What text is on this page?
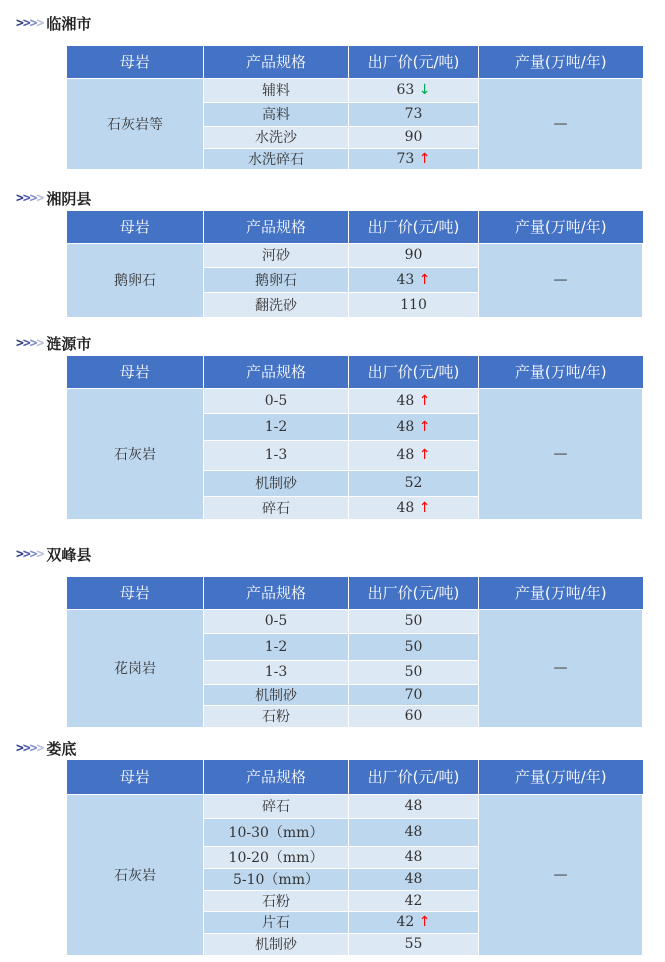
>>>> 临湘市
母岩	产品规格	出厂价(元/吨)	产量(万吨/年)
石灰岩等	辅料	63 ↓	—
	高料	73	
	水洗沙	90	
	水洗碎石	73 ↑	
>>>> 湘阴县
母岩	产品规格	出厂价(元/吨)	产量(万吨/年)
鹅卵石	河砂	90	—
	鹅卵石	43 ↑	
	翻洗砂	110	
>>>> 涟源市
母岩	产品规格	出厂价(元/吨)	产量(万吨/年)
石灰岩	0-5	48 ↑	—
	1-2	48 ↑	
	1-3	48 ↑	
	机制砂	52	
	碎石	48 ↑	
>>>> 双峰县
母岩	产品规格	出厂价(元/吨)	产量(万吨/年)
花岗岩	0-5	50	—
	1-2	50	
	1-3	50	
	机制砂	70	
	石粉	60	
>>>> 娄底
母岩	产品规格	出厂价(元/吨)	产量(万吨/年)
石灰岩	碎石	48	—
	10-30（mm）	48	
	10-20（mm）	48	
	5-10（mm）	48	
	石粉	42	
	片石	42 ↑	
	机制砂	55	
